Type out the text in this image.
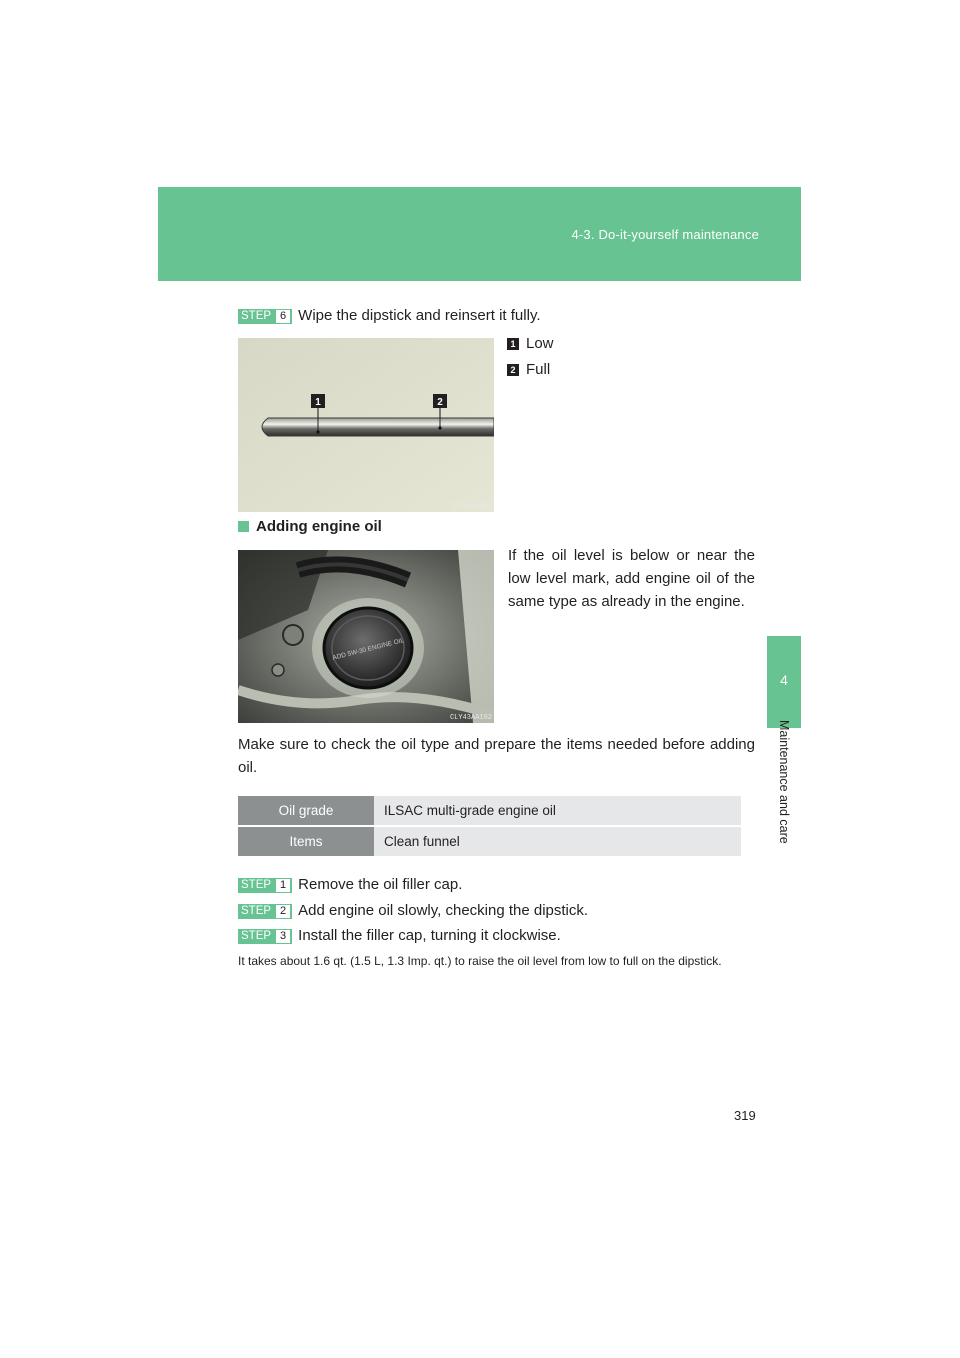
4-3. Do-it-yourself maintenance
4
Maintenance and care
STEP 6 Wipe the dipstick and reinsert it fully.
1	2
CLY42AA036
1 Low
2 Full
Adding engine oil
ADD 5W-30 ENGINE OIL
CLY43AA102
If the oil level is below or near the low level mark, add engine oil of the same type as already in the engine.
Make sure to check the oil type and prepare the items needed before adding oil.
Oil grade	ILSAC multi-grade engine oil
Items	Clean funnel
STEP 1 Remove the oil filler cap.
STEP 2 Add engine oil slowly, checking the dipstick.
STEP 3 Install the filler cap, turning it clockwise.
It takes about 1.6 qt. (1.5 L, 1.3 Imp. qt.) to raise the oil level from low to full on the dipstick.
319
